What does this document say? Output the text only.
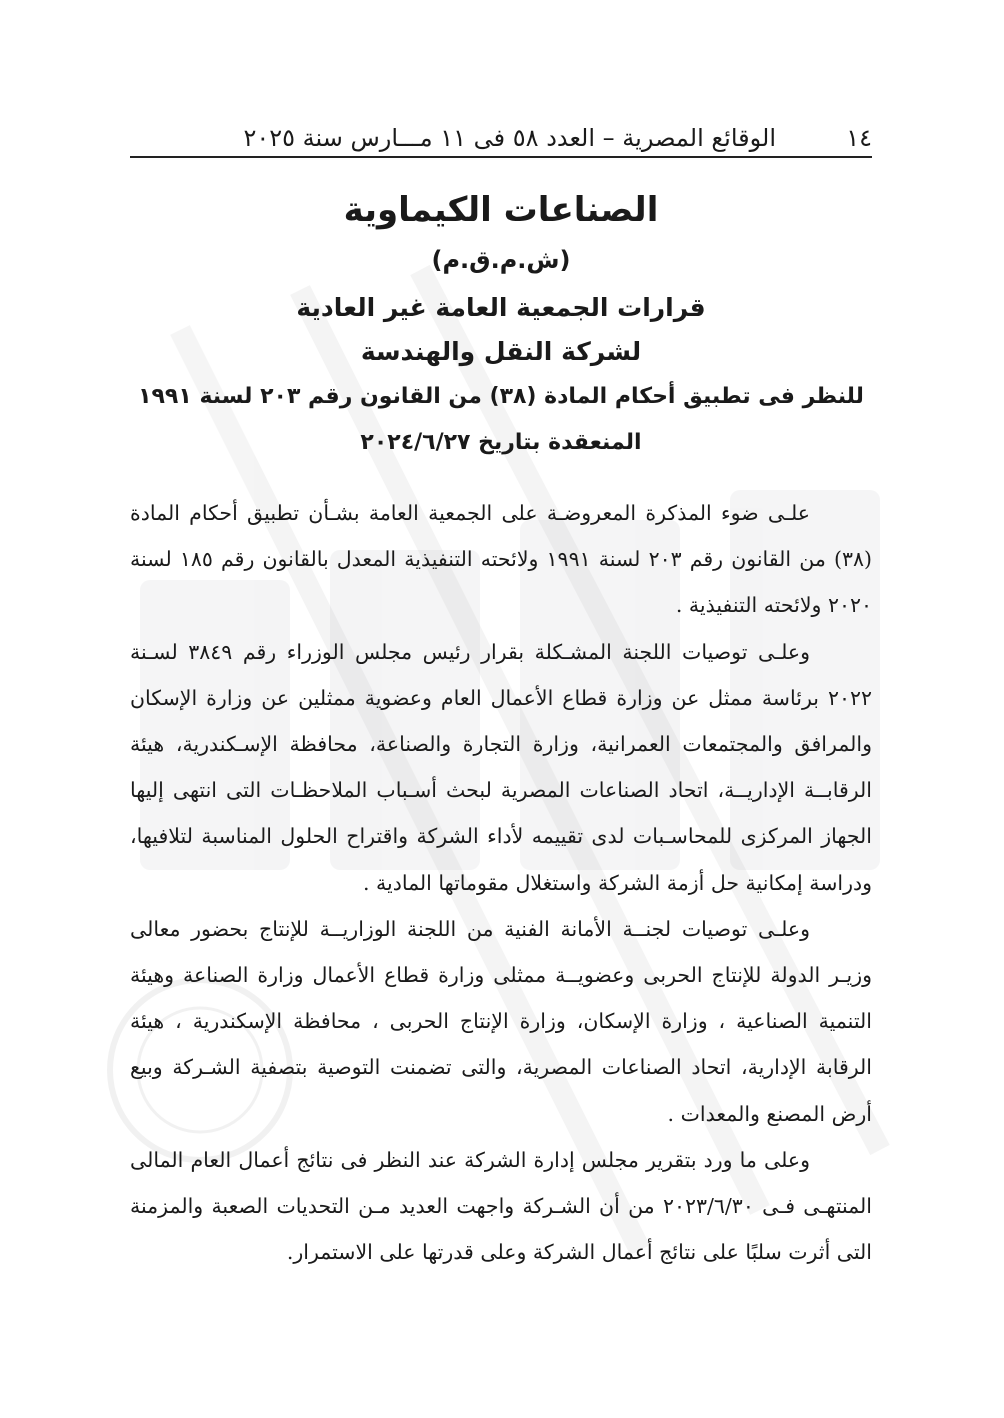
١٤
الوقائع المصرية – العدد ٥٨ فى ١١ مـــارس سنة ٢٠٢٥
الصناعات الكيماوية
(ش.م.ق.م)
قرارات الجمعية العامة غير العادية
لشركة النقل والهندسة
للنظر فى تطبيق أحكام المادة (٣٨) من القانون رقم ٢٠٣ لسنة ١٩٩١
المنعقدة بتاريخ ٢٠٢٤/٦/٢٧

علـى ضوء المذكرة المعروضـة على الجمعية العامة بشـأن تطبيق أحكام المادة (٣٨) من القانون رقم ٢٠٣ لسنة ١٩٩١ ولائحته التنفيذية المعدل بالقانون رقم ١٨٥ لسنة ٢٠٢٠ ولائحته التنفيذية .

وعلـى توصيات اللجنة المشـكلة بقرار رئيس مجلس الوزراء رقم ٣٨٤٩ لسـنة ٢٠٢٢ برئاسة ممثل عن وزارة قطاع الأعمال العام وعضوية ممثلين عن وزارة الإسكان والمرافق والمجتمعات العمرانية، وزارة التجارة والصناعة، محافظة الإسـكندرية، هيئة الرقابــة الإداريــة، اتحاد الصناعات المصرية لبحث أسـباب الملاحظـات التى انتهى إليها الجهاز المركزى للمحاسـبات لدى تقييمه لأداء الشركة واقتراح الحلول المناسبة لتلافيها، ودراسة إمكانية حل أزمة الشركة واستغلال مقوماتها المادية .

وعلـى توصيات لجنــة الأمانة الفنية من اللجنة الوزاريــة للإنتاج بحضور معالى وزيـر الدولة للإنتاج الحربى وعضويــة ممثلى وزارة قطاع الأعمال وزارة الصناعة وهيئة التنمية الصناعية ، وزارة الإسكان، وزارة الإنتاج الحربى ، محافظة الإسكندرية ، هيئة الرقابة الإدارية، اتحاد الصناعات المصرية، والتى تضمنت التوصية بتصفية الشـركة وبيع أرض المصنع والمعدات .

وعلى ما ورد بتقرير مجلس إدارة الشركة عند النظر فى نتائج أعمال العام المالى المنتهـى فـى ٢٠٢٣/٦/٣٠ من أن الشـركة واجهت العديد مـن التحديات الصعبة والمزمنة التى أثرت سلبًا على نتائج أعمال الشركة وعلى قدرتها على الاستمرار.
